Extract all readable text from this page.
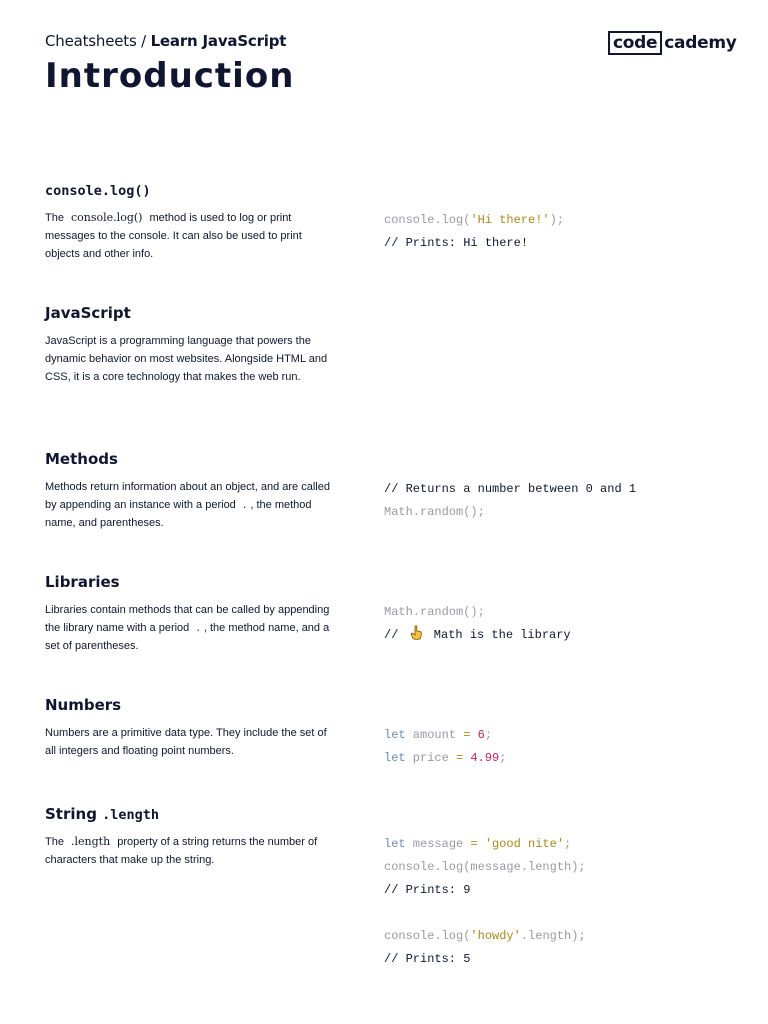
Cheatsheets / Learn JavaScript	code cademy
Introduction
console.log()

The console.log() method is used to log or print messages to the console. It can also be used to print objects and other info.

console.log('Hi there!');
// Prints: Hi there!
JavaScript

JavaScript is a programming language that powers the dynamic behavior on most websites. Alongside HTML and CSS, it is a core technology that makes the web run.

Methods

Methods return information about an object, and are called by appending an instance with a period . , the method name, and parentheses.

// Returns a number between 0 and 1
Math.random();
Libraries

Libraries contain methods that can be called by appending the library name with a period . , the method name, and a set of parentheses.

Math.random();
//  Math is the library
Numbers

Numbers are a primitive data type. They include the set of all integers and floating point numbers.

let amount = 6;
let price = 4.99;
String .length

The .length property of a string returns the number of characters that make up the string.

let message = 'good nite';
console.log(message.length);
// Prints: 9

console.log('howdy'.length);
// Prints: 5
